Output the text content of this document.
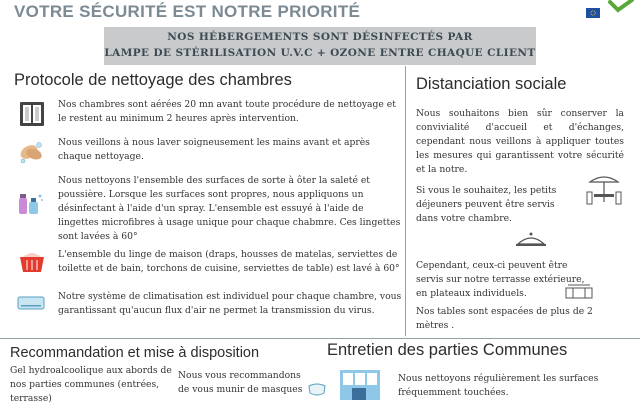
VOTRE SÉCURITÉ EST NOTRE PRIORITÉ
NOS HÉBERGEMENTS SONT DÉSINFECTÉS PAR
LAMPE DE STÉRILISATION U.V.C + OZONE ENTRE CHAQUE CLIENT
Protocole de nettoyage des chambres
Nos chambres sont aérées 20 mn avant toute procédure de nettoyage et le restent au minimum 2 heures après intervention.
Nous veillons à nous laver soigneusement les mains avant et après chaque nettoyage.
Nous nettoyons l'ensemble des surfaces de sorte à ôter la saleté et poussière. Lorsque les surfaces sont propres, nous appliquons un désinfectant à l'aide d'un spray. L'ensemble est essuyé à l'aide de lingettes microfibres à usage unique pour chaque chabmre. Ces lingettes sont lavées à 60°
L'ensemble du linge de maison (draps, housses de matelas, serviettes de toilette et de bain, torchons de cuisine, serviettes de table) est lavé à 60°
Notre système de climatisation est individuel pour chaque chambre, vous garantissant qu'aucun flux d'air ne permet la transmission du virus.
Distanciation sociale
Nous souhaitons bien sûr conserver la convivialité d'accueil et d'échanges, cependant nous veillons à appliquer toutes les mesures qui garantissent votre sécurité et la notre.
Si vous le souhaitez, les petits déjeuners peuvent être servis dans votre chambre.
Cependant, ceux-ci peuvent être servis sur notre terrasse extérieure, en plateaux individuels.
Nos tables sont espacées de plus de 2 mètres .
Recommandation et mise à disposition
Gel hydroalcoolique aux abords de nos parties communes (entrées, terrasse)
Nous vous recommandons de vous munir de masques
Entretien des parties Communes
Nous nettoyons régulièrement les surfaces fréquemment touchées.
